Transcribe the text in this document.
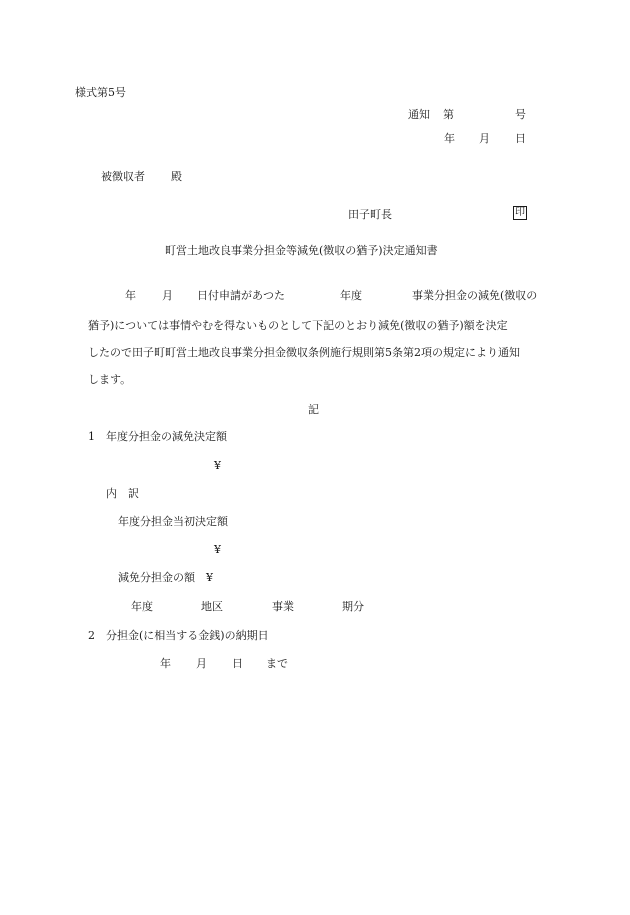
様式第5号
通知 第	号
年 月 日
被徴収者 殿
田子町長	印
町営土地改良事業分担金等減免(徴収の猶予)決定通知書
年 月 日付申請があつた	年度	事業分担金の減免(徴収の
猶予)については事情やむを得ないものとして下記のとおり減免(徴収の猶予)額を決定
したので田子町町営土地改良事業分担金徴収条例施行規則第5条第2項の規定により通知
します。
記
1　年度分担金の減免決定額
¥
内　訳
年度分担金当初決定額
¥
減免分担金の額　¥
年度	地区	事業	期分
2　分担金(に相当する金銭)の納期日
年 月 日 まで
